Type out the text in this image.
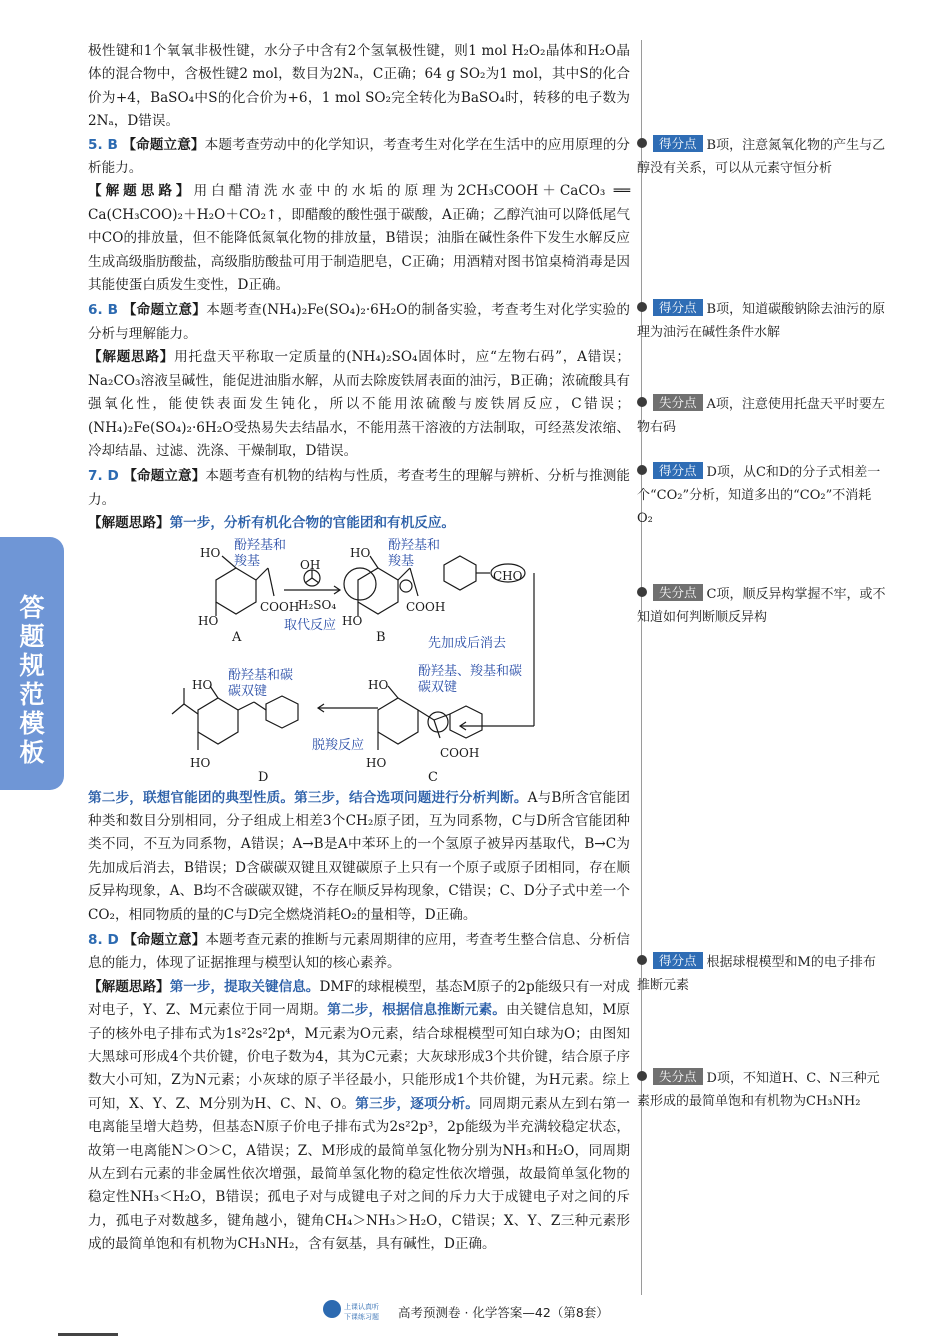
答题规范模板

极性键和1个氧氧非极性键，水分子中含有2个氢氧极性键，则1 mol H₂O₂晶体和H₂O晶体的混合物中，含极性键2 mol，数目为2Nₐ，C正确；64 g SO₂为1 mol，其中S的化合价为+4，BaSO₄中S的化合价为+6，1 mol SO₂完全转化为BaSO₄时，转移的电子数为2Nₐ，D错误。

5. B 【命题立意】本题考查劳动中的化学知识，考查考生对化学在生活中的应用原理的分析能力。

【解题思路】用白醋清洗水壶中的水垢的原理为2CH₃COOH＋CaCO₃ ══ Ca(CH₃COO)₂＋H₂O＋CO₂↑，即醋酸的酸性强于碳酸，A正确；乙醇汽油可以降低尾气中CO的排放量，但不能降低氮氧化物的排放量，B错误；油脂在碱性条件下发生水解反应生成高级脂肪酸盐，高级脂肪酸盐可用于制造肥皂，C正确；用酒精对图书馆桌椅消毒是因其能使蛋白质发生变性，D正确。

6. B 【命题立意】本题考查(NH₄)₂Fe(SO₄)₂·6H₂O的制备实验，考查考生对化学实验的分析与理解能力。

【解题思路】用托盘天平称取一定质量的(NH₄)₂SO₄固体时，应“左物右码”，A错误；Na₂CO₃溶液呈碱性，能促进油脂水解，从而去除废铁屑表面的油污，B正确；浓硫酸具有强氧化性，能使铁表面发生钝化，所以不能用浓硫酸与废铁屑反应，C错误；(NH₄)₂Fe(SO₄)₂·6H₂O受热易失去结晶水，不能用蒸干溶液的方法制取，可经蒸发浓缩、冷却结晶、过滤、洗涤、干燥制取，D错误。

7. D 【命题立意】本题考查有机物的结构与性质，考查考生的理解与辨析、分析与推测能力。

【解题思路】第一步，分析有机化合物的官能团和有机反应。

酚羟基和羧基
酚羟基和羧基
酚羟基、羧基和碳碳双键
酚羟基和碳碳双键
取代反应
先加成后消去
脱羧反应
HO
HO
COOH
OH
H₂SO₄
HO
HO
COOH
CHO
HO
HO
COOH
HO
HO
A	B
C
D

第二步，联想官能团的典型性质。第三步，结合选项问题进行分析判断。A与B所含官能团种类和数目分别相同，分子组成上相差3个CH₂原子团，互为同系物，C与D所含官能团种类不同，不互为同系物，A错误；A→B是A中苯环上的一个氢原子被异丙基取代，B→C为先加成后消去，B错误；D含碳碳双键且双键碳原子上只有一个原子或原子团相同，存在顺反异构现象，A、B均不含碳碳双键，不存在顺反异构现象，C错误；C、D分子式中差一个CO₂，相同物质的量的C与D完全燃烧消耗O₂的量相等，D正确。

8. D 【命题立意】本题考查元素的推断与元素周期律的应用，考查考生整合信息、分析信息的能力，体现了证据推理与模型认知的核心素养。

【解题思路】第一步，提取关键信息。DMF的球棍模型，基态M原子的2p能级只有一对成对电子，Y、Z、M元素位于同一周期。第二步，根据信息推断元素。由关键信息知，M原子的核外电子排布式为1s²2s²2p⁴，M元素为O元素，结合球棍模型可知白球为O；由图知大黑球可形成4个共价键，价电子数为4，其为C元素；大灰球形成3个共价键，结合原子序数大小可知，Z为N元素；小灰球的原子半径最小，只能形成1个共价键，为H元素。综上可知，X、Y、Z、M分别为H、C、N、O。第三步，逐项分析。同周期元素从左到右第一电离能呈增大趋势，但基态N原子价电子排布式为2s²2p³，2p能级为半充满较稳定状态，故第一电离能N＞O＞C，A错误；Z、M形成的最简单氢化物分别为NH₃和H₂O，同周期从左到右元素的非金属性依次增强，最简单氢化物的稳定性依次增强，故最简单氢化物的稳定性NH₃＜H₂O，B错误；孤电子对与成键电子对之间的斥力大于成键电子对之间的斥力，孤电子对数越多，键角越小，键角CH₄＞NH₃＞H₂O，C错误；X、Y、Z三种元素形成的最简单饱和有机物为CH₃NH₂，含有氨基，具有碱性，D正确。

得分点 B项，注意氮氧化物的产生与乙醇没有关系，可以从元素守恒分析
得分点 B项，知道碳酸钠除去油污的原理为油污在碱性条件水解
失分点 A项，注意使用托盘天平时要左物右码
得分点 D项，从C和D的分子式相差一个“CO₂”分析，知道多出的“CO₂”不消耗O₂
失分点 C项，顺反异构掌握不牢，或不知道如何判断顺反异构
得分点 根据球棍模型和M的电子排布推断元素
失分点 D项，不知道H、C、N三种元素形成的最简单饱和有机物为CH₃NH₂
上课认真听
下课练习题 高考预测卷 · 化学答案—42（第8套）
